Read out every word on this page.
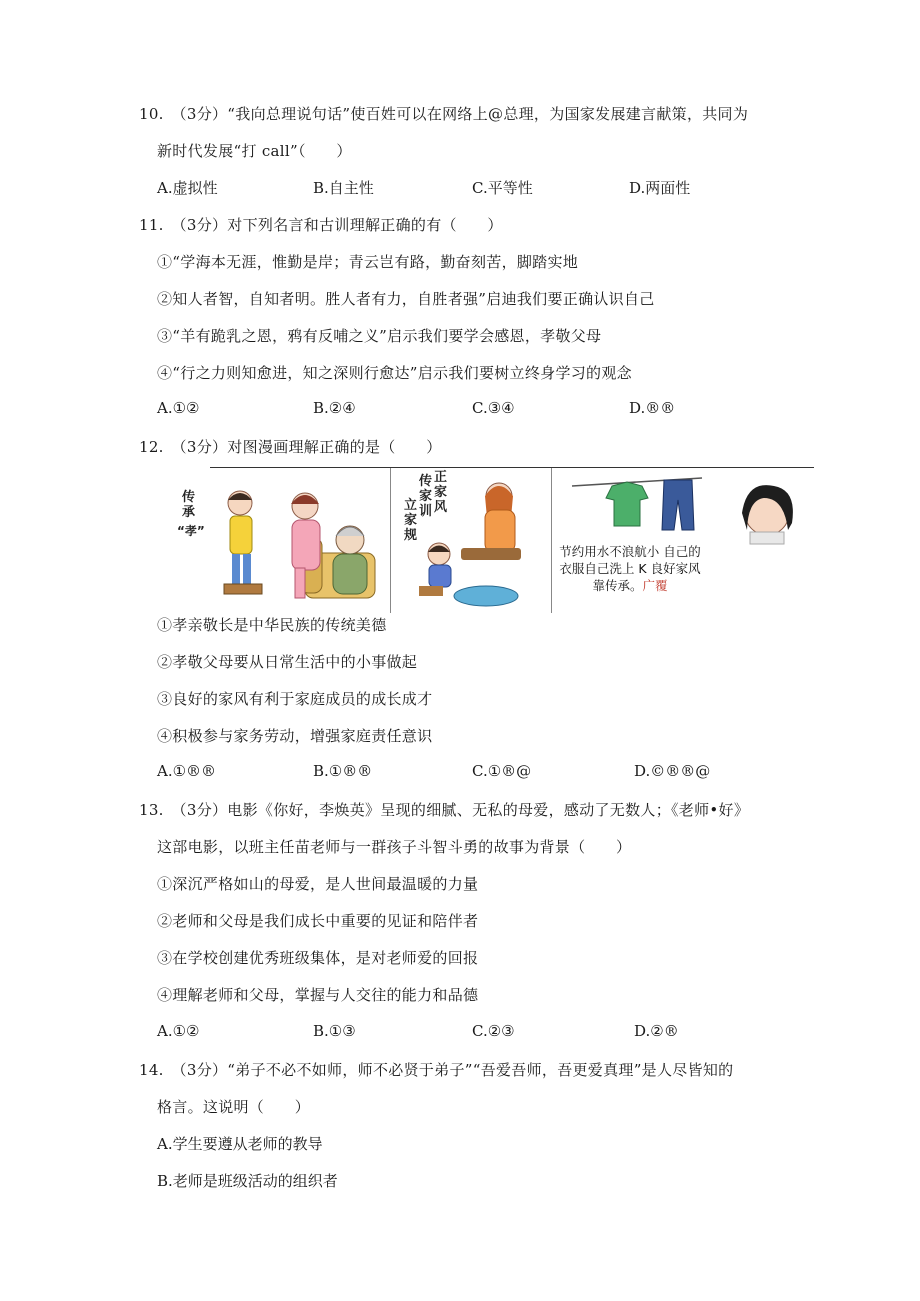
10.　（3分）“我向总理说句话”使百姓可以在网络上@总理，为国家发展建言献策，共同为
新时代发展“打 call”（　　）
A.虚拟性	B.自主性	C.平等性	D.两面性
11.　（3分）对下列名言和古训理解正确的有（　　）
①“学海本无涯，惟勤是岸；青云岂有路，勤奋刻苦，脚踏实地
②知人者智，自知者明。胜人者有力，自胜者强”启迪我们要正确认识自己
③“羊有跪乳之恩，鸦有反哺之义”启示我们要学会感恩，孝敬父母
④“行之力则知愈进，知之深则行愈达”启示我们要树立终身学习的观念
A.①②	B.②④	C.③④	D.®®
12.　（3分）对图漫画理解正确的是（　　）
传承
“孝”
传家训
正家风
立家规
节约用水不浪航小 自己的
衣服自己洗上 K 良好家风
靠传承。广覆
①孝亲敬长是中华民族的传统美德
②孝敬父母要从日常生活中的小事做起
③良好的家风有利于家庭成员的成长成才
④积极参与家务劳动，增强家庭责任意识
A.①®®	B.①®®	C.①®@	D.©®®@
13.　（3分）电影《你好，李焕英》呈现的细腻、无私的母爱，感动了无数人；《老师•好》
这部电影，以班主任苗老师与一群孩子斗智斗勇的故事为背景（　　）
①深沉严格如山的母爱，是人世间最温暖的力量
②老师和父母是我们成长中重要的见证和陪伴者
③在学校创建优秀班级集体，是对老师爱的回报
④理解老师和父母，掌握与人交往的能力和品德
A.①②	B.①③	C.②③	D.②®
14.　（3分）“弟子不必不如师，师不必贤于弟子”“吾爱吾师，吾更爱真理”是人尽皆知的
格言。这说明（　　）
A.学生要遵从老师的教导
B.老师是班级活动的组织者
